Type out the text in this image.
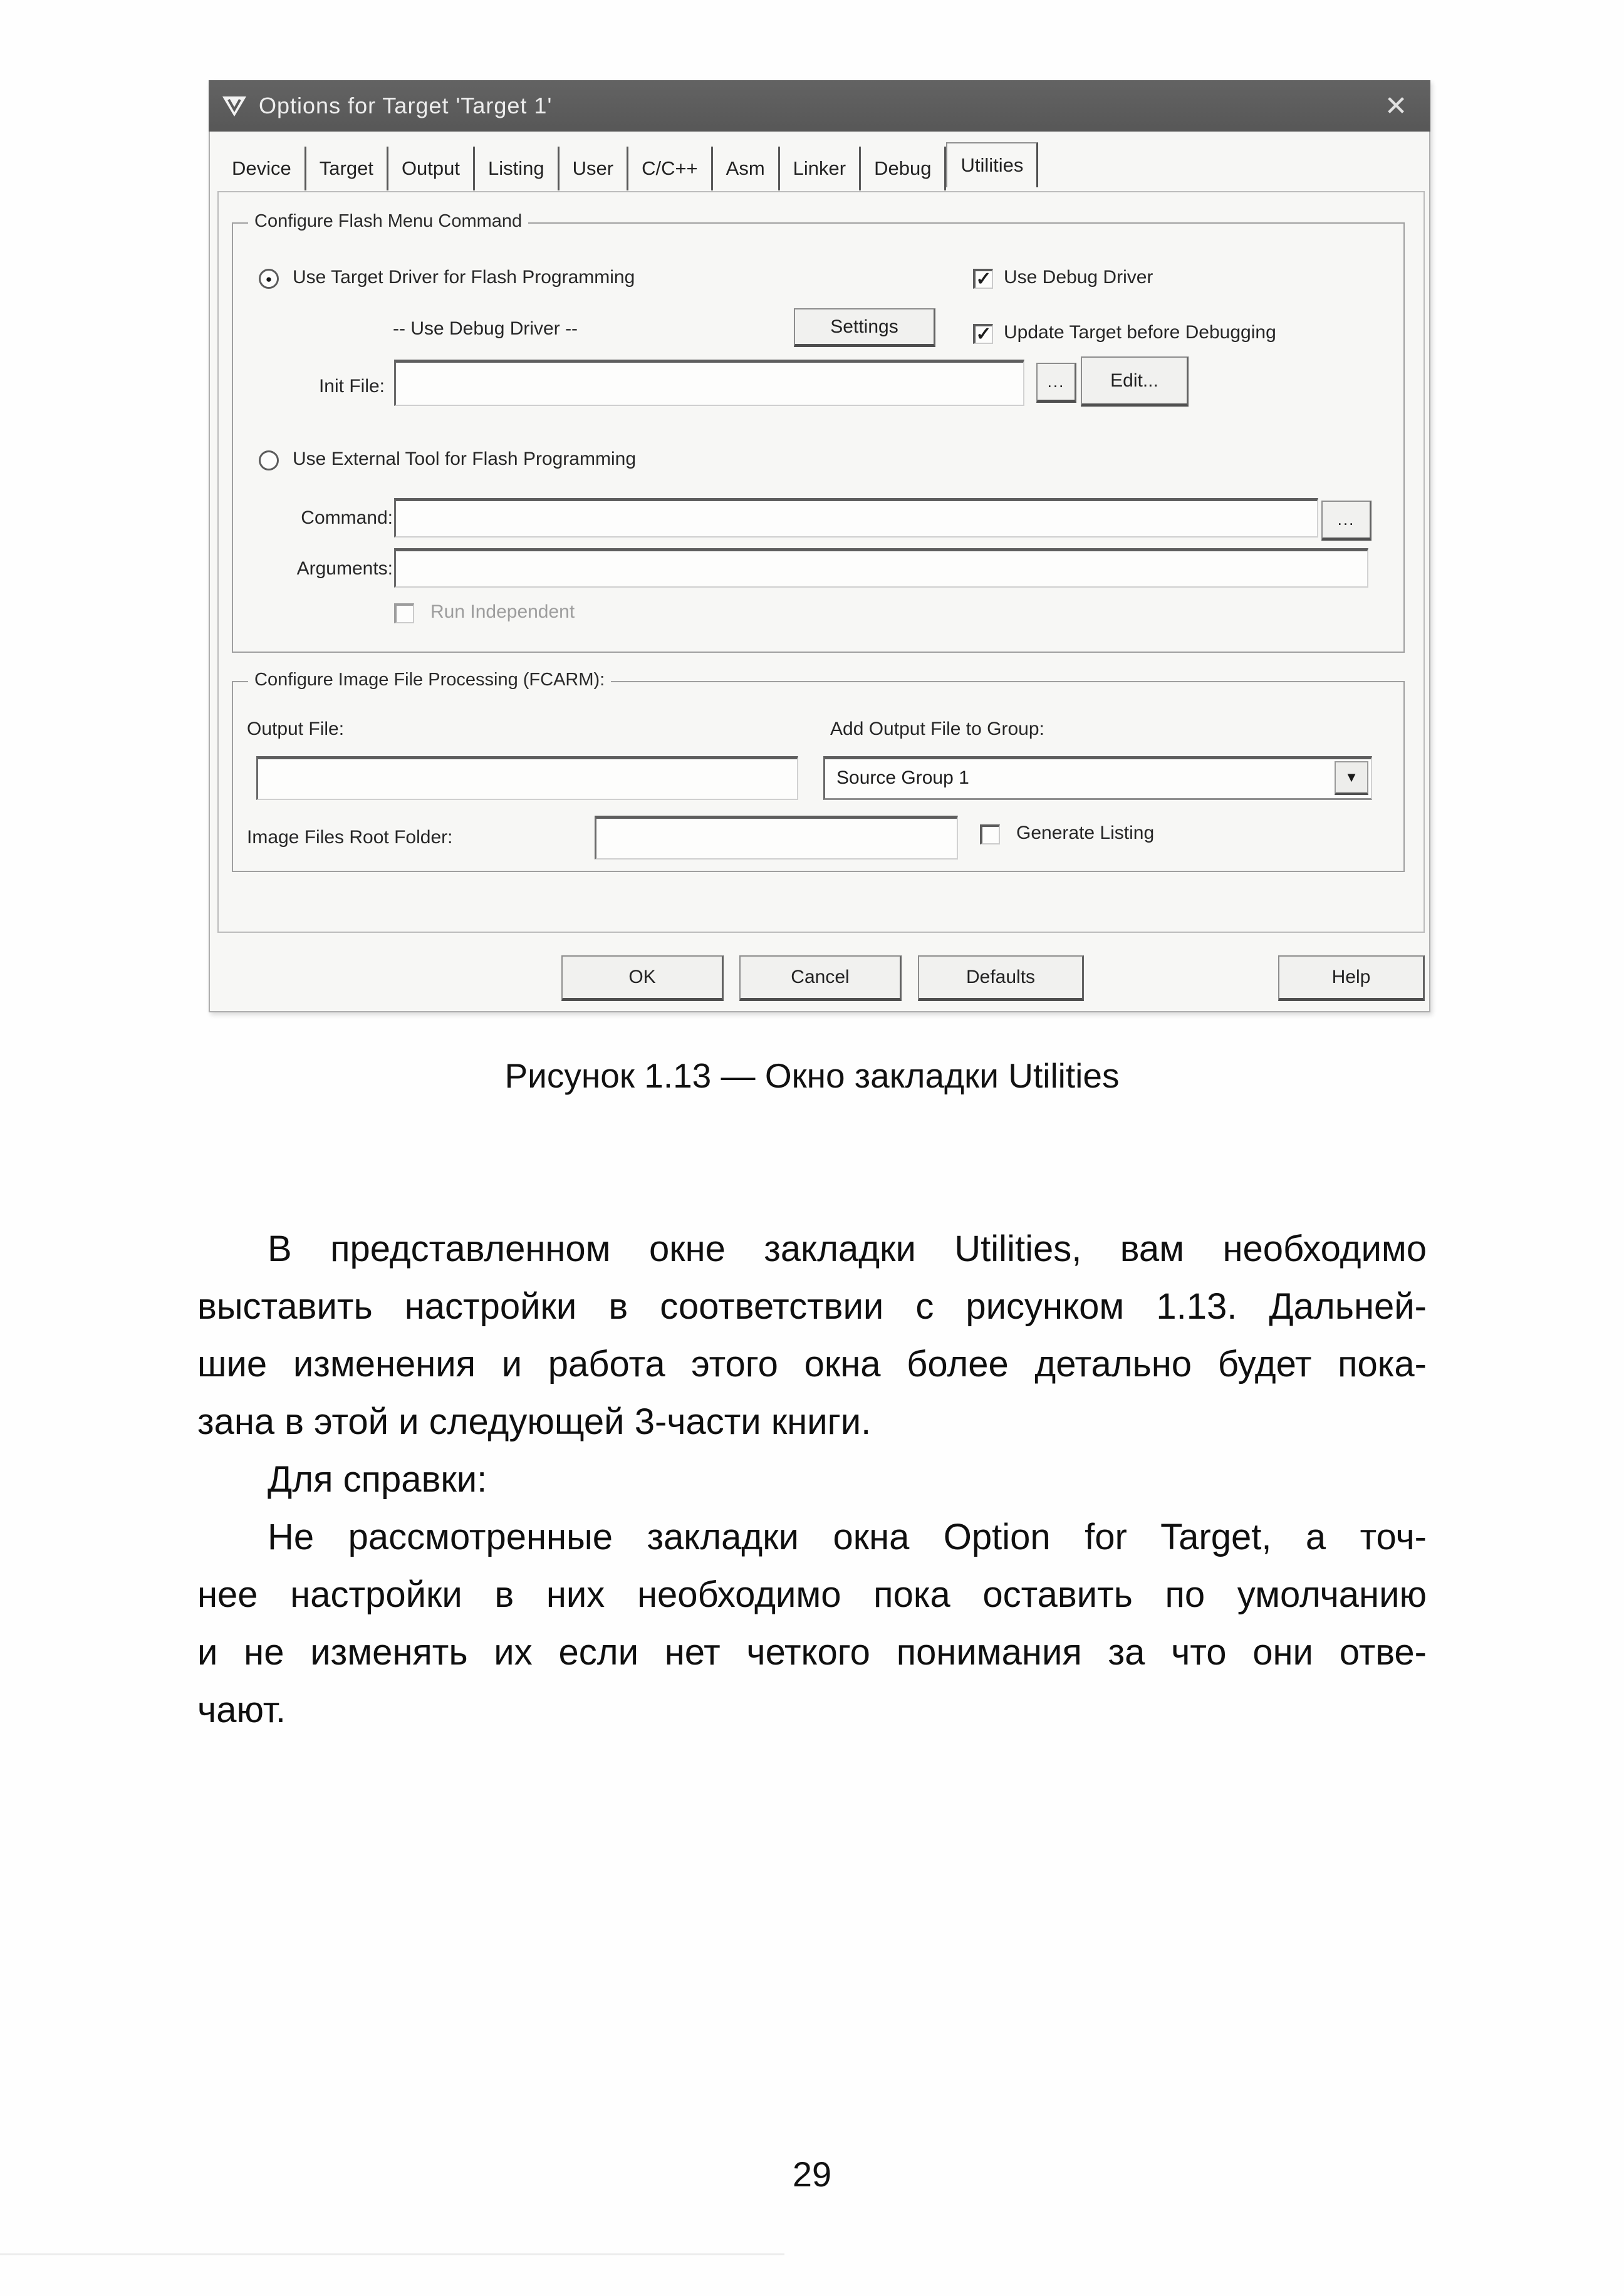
Options for Target 'Target 1'	✕
Device	Target	Output	Listing	User	C/C++	Asm	Linker	Debug	Utilities
Configure Flash Menu Command
● Use Target Driver for Flash Programming	✓ Use Debug Driver
-- Use Debug Driver --	Settings	✓ Update Target before Debugging
Init File:	...	Edit...
Use External Tool for Flash Programming
Command:	...
Arguments:
Run Independent
Configure Image File Processing (FCARM):
Output File:	Add Output File to Group:
Source Group 1	▼
Image Files Root Folder:	Generate Listing
OK	Cancel	Defaults	Help
Рисунок 1.13 — Окно закладки Utilities
В представленном окне закладки Utilities, вам необходимо
выставить настройки в соответствии с рисунком 1.13. Дальней-
шие изменения и работа этого окна более детально будет пока-
зана в этой и следующей 3-части книги.
Для справки:
Не рассмотренные закладки окна Option for Target, а точ-
нее настройки в них необходимо пока оставить по умолчанию
и не изменять их если нет четкого понимания за что они отве-
чают.
29
